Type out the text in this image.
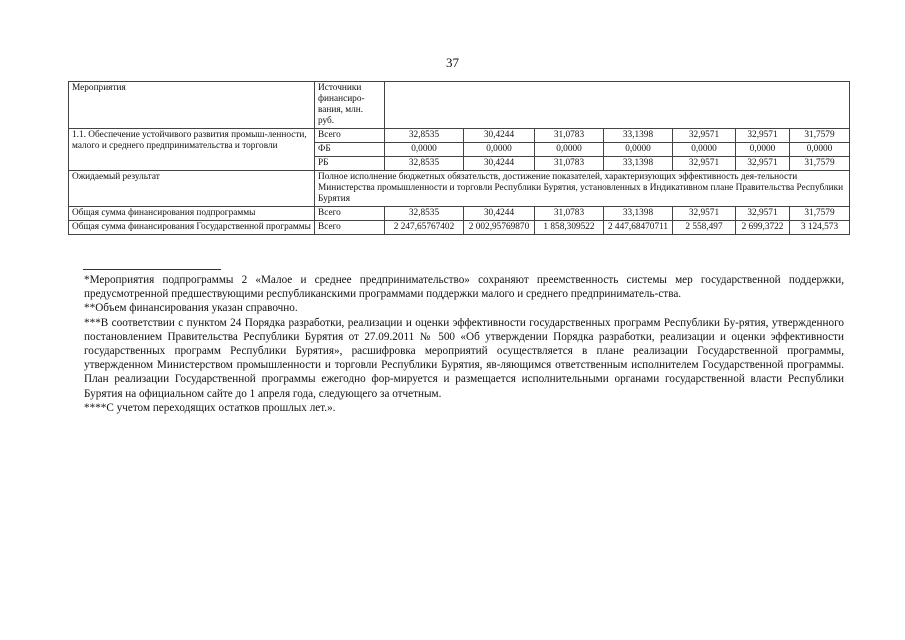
37
Мероприятия	Источники финансиро-вания, млн. руб.							
1.1. Обеспечение устойчивого развития промыш-ленности, малого и среднего предпринимательства и торговли	Всего	32,8535	30,4244	31,0783	33,1398	32,9571	32,9571	31,7579
	ФБ	0,0000	0,0000	0,0000	0,0000	0,0000	0,0000	0,0000
	РБ	32,8535	30,4244	31,0783	33,1398	32,9571	32,9571	31,7579
Ожидаемый результат	Полное исполнение бюджетных обязательств, достижение показателей, характеризующих эффективность дея-тельности Министерства промышленности и торговли Республики Бурятия, установленных в Индикативном плане Правительства Республики Бурятия							
Общая сумма финансирования подпрограммы	Всего	32,8535	30,4244	31,0783	33,1398	32,9571	32,9571	31,7579
Общая сумма финансирования Государственной программы	Всего	2 247,65767402	2 002,95769870	1 858,309522	2 447,68470711	2 558,497	2 699,3722	3 124,573

*Мероприятия подпрограммы 2 «Малое и среднее предпринимательство» сохраняют преемственность системы мер государственной поддержки, предусмотренной предшествующими республиканскими программами поддержки малого и среднего предприниматель-ства.

**Объем финансирования указан справочно.

***В соответствии с пунктом 24 Порядка разработки, реализации и оценки эффективности государственных программ Республики Бу-рятия, утвержденного постановлением Правительства Республики Бурятия от 27.09.2011 № 500 «Об утверждении Порядка разработки, реализации и оценки эффективности государственных программ Республики Бурятия», расшифровка мероприятий осуществляется в плане реализации Государственной программы, утвержденном Министерством промышленности и торговли Республики Бурятия, яв-ляющимся ответственным исполнителем Государственной программы. План реализации Государственной программы ежегодно фор-мируется и размещается исполнительными органами государственной власти Республики Бурятия на официальном сайте до 1 апреля года, следующего за отчетным.

****С учетом переходящих остатков прошлых лет.».
